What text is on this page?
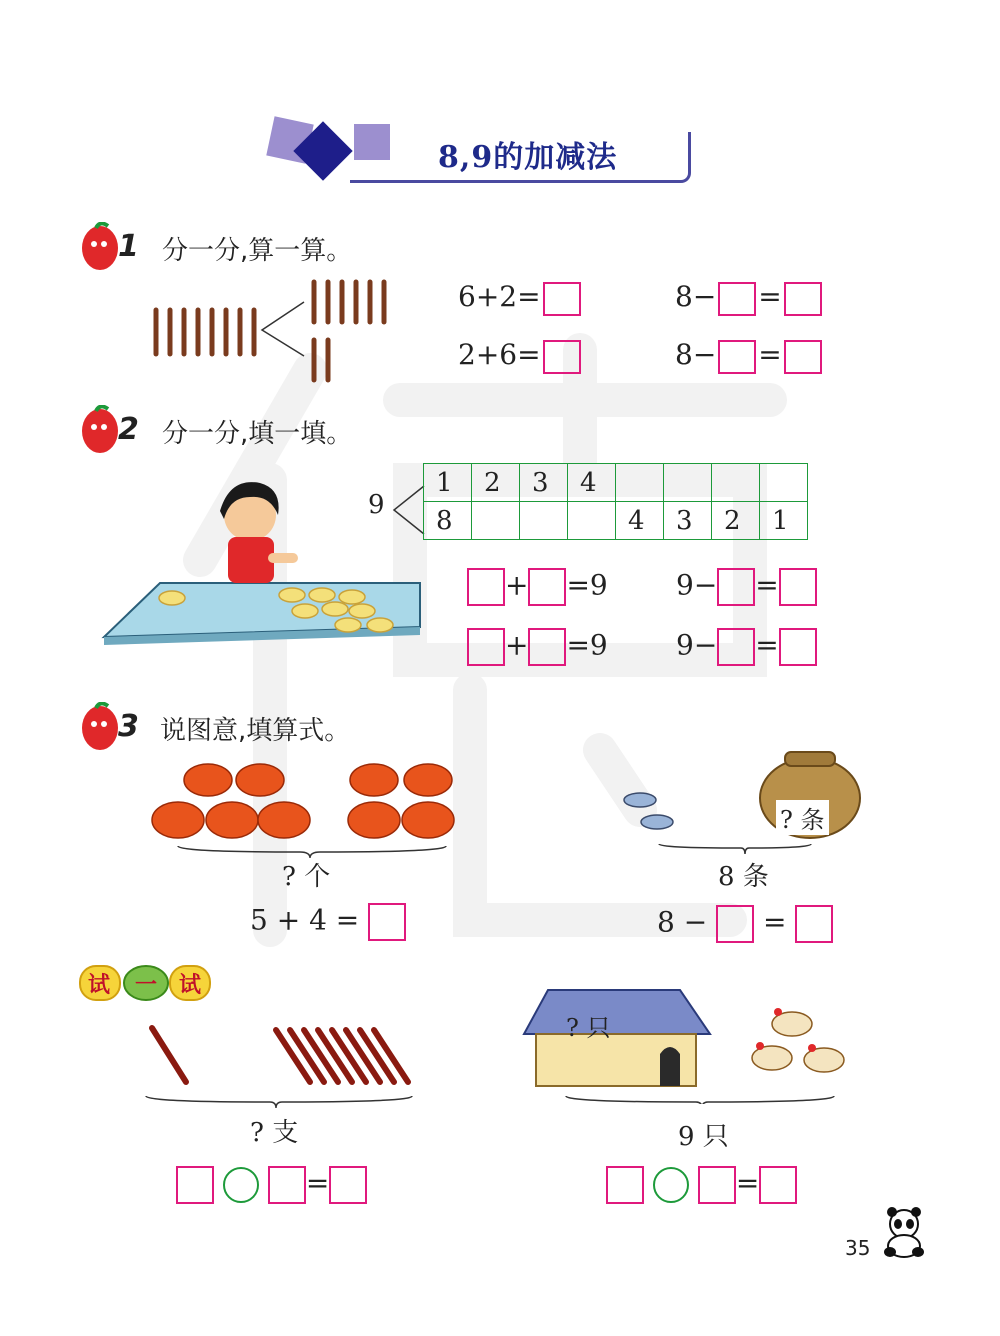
8,9的加减法
1 分一分,算一算。
6+2=
2+6=
8− =
8− =
2 分一分,填一填。
9
1	2	3	4				
8				4	3	2	1
+ =9
+ =9
9− =
9− =
3 说图意,填算式。
? 个
5 + 4 =
? 条
8 条
8 − =
试 一 试
? 支
=
? 只
9 只
=
35
